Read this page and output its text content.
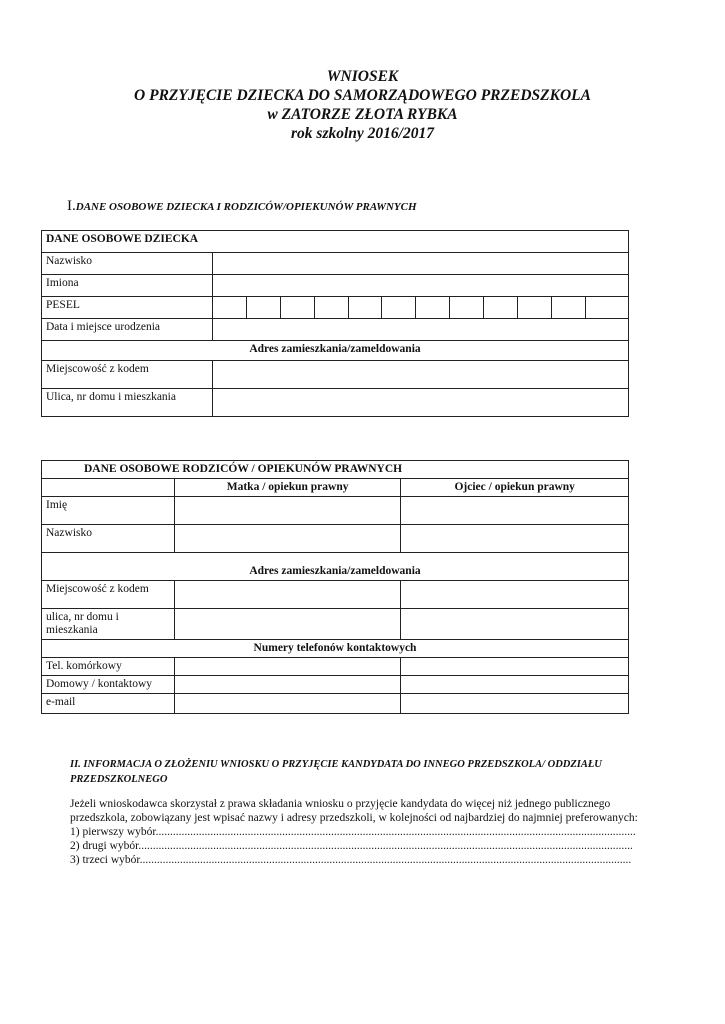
WNIOSEK
O PRZYJĘCIE DZIECKA DO SAMORZĄDOWEGO PRZEDSZKOLA
w ZATORZE ZŁOTA RYBKA
rok szkolny 2016/2017
I.DANE OSOBOWE DZIECKA I RODZICÓW/OPIEKUNÓW PRAWNYCH
DANE OSOBOWE DZIECKA												
Nazwisko												
Imiona												
PESEL												
Data i miejsce urodzenia												
Adres zamieszkania/zameldowania												
Miejscowość z kodem												
Ulica, nr domu i mieszkania												
DANE OSOBOWE RODZICÓW / OPIEKUNÓW PRAWNYCH		
	Matka / opiekun prawny	Ojciec / opiekun prawny
Imię		
Nazwisko		
Adres zamieszkania/zameldowania		
Miejscowość z kodem		
ulica, nr domu i mieszkania		
Numery telefonów kontaktowych		
Tel. komórkowy		
Domowy / kontaktowy		
e-mail		
II. INFORMACJA O ZŁOŻENIU WNIOSKU O PRZYJĘCIE KANDYDATA DO INNEGO PRZEDSZKOLA/ ODDZIAŁU PRZEDSZKOLNEGO

Jeżeli wnioskodawca skorzystał z prawa składania wniosku o przyjęcie kandydata do więcej niż jednego publicznego przedszkola, zobowiązany jest wpisać nazwy i adresy przedszkoli, w kolejności od najbardziej do najmniej preferowanych:

1) pierwszy wybór.......................................................................................................................................................................

2) drugi wybór............................................................................................................................................................................

3) trzeci wybór...........................................................................................................................................................................
